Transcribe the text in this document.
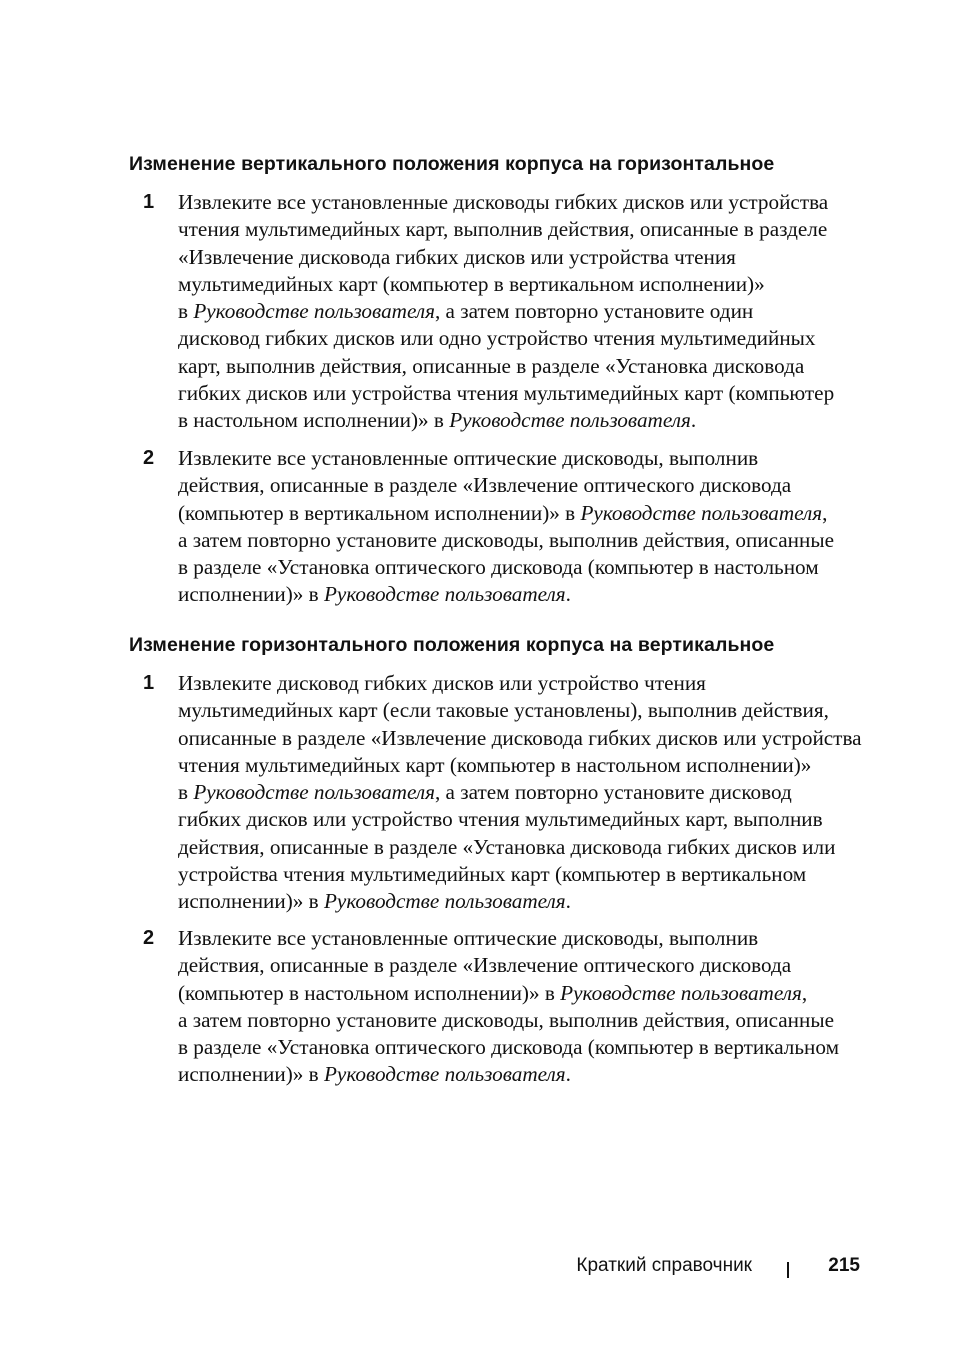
Изменение вертикального положения корпуса на горизонтальное
1 Извлеките все установленные дисководы гибких дисков или устройства
чтения мультимедийных карт, выполнив действия, описанные в разделе
«Извлечение дисковода гибких дисков или устройства чтения
мультимедийных карт (компьютер в вертикальном исполнении)»
в Руководстве пользователя, а затем повторно установите один
дисковод гибких дисков или одно устройство чтения мультимедийных
карт, выполнив действия, описанные в разделе «Установка дисковода
гибких дисков или устройства чтения мультимедийных карт (компьютер
в настольном исполнении)» в Руководстве пользователя.

2 Извлеките все установленные оптические дисководы, выполнив
действия, описанные в разделе «Извлечение оптического дисковода
(компьютер в вертикальном исполнении)» в Руководстве пользователя,
а затем повторно установите дисководы, выполнив действия, описанные
в разделе «Установка оптического дисковода (компьютер в настольном
исполнении)» в Руководстве пользователя.

Изменение горизонтального положения корпуса на вертикальное
1 Извлеките дисковод гибких дисков или устройство чтения
мультимедийных карт (если таковые установлены), выполнив действия,
описанные в разделе «Извлечение дисковода гибких дисков или устройства
чтения мультимедийных карт (компьютер в настольном исполнении)»
в Руководстве пользователя, а затем повторно установите дисковод
гибких дисков или устройство чтения мультимедийных карт, выполнив
действия, описанные в разделе «Установка дисковода гибких дисков или
устройства чтения мультимедийных карт (компьютер в вертикальном
исполнении)» в Руководстве пользователя.

2 Извлеките все установленные оптические дисководы, выполнив
действия, описанные в разделе «Извлечение оптического дисковода
(компьютер в настольном исполнении)» в Руководстве пользователя,
а затем повторно установите дисководы, выполнив действия, описанные
в разделе «Установка оптического дисковода (компьютер в вертикальном
исполнении)» в Руководстве пользователя.

Краткий справочник	215
